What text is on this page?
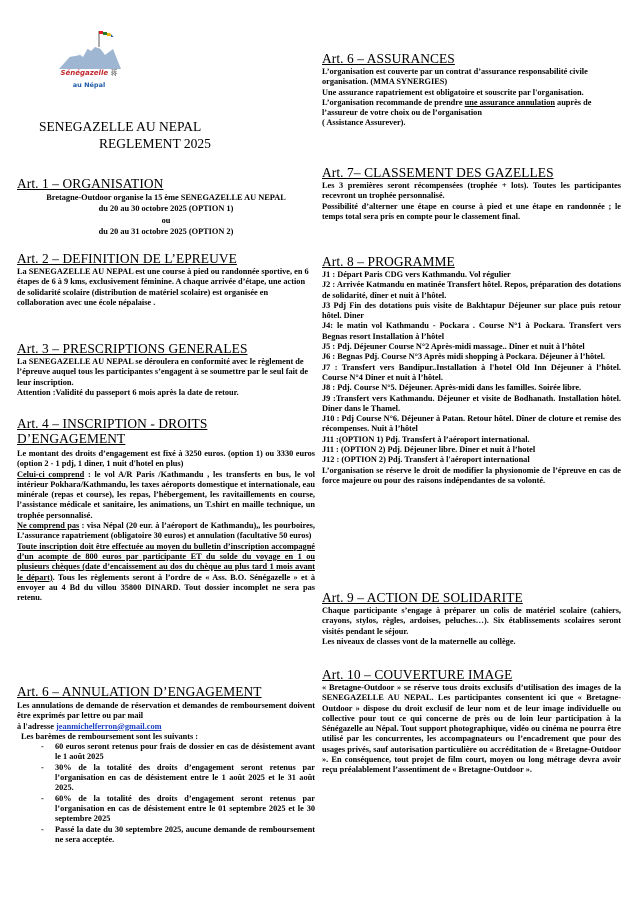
Sénégazelle 蒋
au Népal
SENEGAZELLE AU NEPAL
REGLEMENT 2025
Art. 1 – ORGANISATION
Bretagne-Outdoor organise la 15 ème SENEGAZELLE AU NEPAL
du 20 au 30 octobre 2025 (OPTION 1)
ou
du 20 au 31 octobre 2025 (OPTION 2)
Art. 2 – DEFINITION DE L’EPREUVE

La SENEGAZELLE AU NEPAL est une course à pied ou randonnée sportive, en 6 étapes de 6 à 9 kms, exclusivement féminine. A chaque arrivée d’étape, une action de solidarité scolaire (distribution de matériel scolaire) est organisée en collaboration avec une école népalaise .

Art. 3 – PRESCRIPTIONS GENERALES

La SENEGAZELLE AU NEPAL se déroulera en conformité avec le règlement de l’épreuve auquel tous les participantes s’engagent à se soumettre par le seul fait de leur inscription.

Attention :Validité du passeport 6 mois après la date de retour.

Art. 4 – INSCRIPTION - DROITS D’ENGAGEMENT

Le montant des droits d’engagement est fixé à 3250 euros. (option 1) ou 3330 euros (option 2 - 1 pdj, 1 diner, 1 nuit d'hotel en plus)

Celui-ci comprend : le vol A/R Paris /Kathmandu , les transferts en bus, le vol intérieur Pokhara/Kathmandu, les taxes aéroports domestique et internationale, eau minérale (repas et course), les repas, l’hébergement, les ravitaillements en course, l’assistance médicale et sanitaire, les animations, un T.shirt en maille technique, un trophée personnalisé.

Ne comprend pas : visa Népal (20 eur. à l’aéroport de Kathmandu),, les pourboires, L’assurance rapatriement (obligatoire 30 euros) et annulation (facultative 50 euros)

Toute inscription doit être effectuée au moyen du bulletin d’inscription accompagné d’un acompte de 800 euros par participante ET du solde du voyage en 1 ou plusieurs chèques (date d’encaissement au dos du chèque au plus tard 1 mois avant le départ). Tous les règlements seront à l’ordre de « Ass. B.O. Sénégazelle » et à envoyer au 4 Bd du villou 35800 DINARD. Tout dossier incomplet ne sera pas retenu.

Art. 6 – ANNULATION D’ENGAGEMENT

Les annulations de demande de réservation et demandes de remboursement doivent être exprimés par lettre ou par mail

à l'adresse jeanmichelferron@gmail.com

Les barèmes de remboursement sont les suivants :

- 60 euros seront retenus pour frais de dossier en cas de désistement avant le 1 août 2025
- 30% de la totalité des droits d’engagement seront retenus par l’organisation en cas de désistement entre le 1 août 2025 et le 31 août 2025.
- 60% de la totalité des droits d’engagement seront retenus par l’organisation en cas de désistement entre le 01 septembre 2025 et le 30 septembre 2025
- Passé la date du 30 septembre 2025, aucune demande de remboursement ne sera acceptée.
Art. 6 – ASSURANCES

L’organisation est couverte par un contrat d’assurance responsabilité civile organisation. (MMA SYNERGIES)

Une assurance rapatriement est obligatoire et souscrite par l'organisation.

L’organisation recommande de prendre une assurance annulation auprès de l’assureur de votre choix ou de l’organisation

( Assistance Assurever).

Art. 7– CLASSEMENT DES GAZELLES

Les 3 premières seront récompensées (trophée + lots). Toutes les participantes recevront un trophée personnalisé.

Possibilité d’alterner une étape en course à pied et une étape en randonnée ; le temps total sera pris en compte pour le classement final.

Art. 8 – PROGRAMME

J1 : Départ Paris CDG vers Kathmandu. Vol régulier

J2 : Arrivée Katmandu en matinée Transfert hôtel. Repos, préparation des dotations de solidarité, dîner et nuit à l’hôtel.

J3 Pdj Fin des dotations puis visite de Bakhtapur Déjeuner sur place puis retour hôtel. Diner

J4: le matin vol Kathmandu - Pockara . Course N°1 à Pockara. Transfert vers Begnas resort Installation à l’hôtel

J5 : Pdj. Déjeuner Course N°2 Après-midi massage.. Dîner et nuit à l’hôtel

J6 : Begnas Pdj. Course N°3 Après midi shopping à Pockara. Déjeuner à l’hôtel.

J7 : Transfert vers Bandipur..Installation à l'hotel Old Inn Déjeuner à l’hôtel. Course N°4 Diner et nuit à l’hôtel.

J8 : Pdj. Course N°5. Déjeuner. Après-midi dans les familles. Soirée libre.

J9 :Transfert vers Kathmandu. Déjeuner et visite de Bodhanath. Installation hôtel. Diner dans le Thamel.

J10 : Pdj Course N°6. Déjeuner à Patan. Retour hôtel. Dîner de cloture et remise des récompenses. Nuit à l’hôtel

J11 :(OPTION 1) Pdj. Transfert à l’aéroport international.

J11 : (OPTION 2) Pdj. Déjeuner libre. Diner et nuit à l’hotel

J12 : (OPTION 2) Pdj. Transfert à l'aéroport international

L’organisation se réserve le droit de modifier la physionomie de l’épreuve en cas de force majeure ou pour des raisons indépendantes de sa volonté.

Art. 9 – ACTION DE SOLIDARITE

Chaque participante s’engage à préparer un colis de matériel scolaire (cahiers, crayons, stylos, règles, ardoises, peluches…). Six établissements scolaires seront visités pendant le séjour.

Les niveaux de classes vont de la maternelle au collège.

Art. 10 – COUVERTURE IMAGE

« Bretagne-Outdoor » se réserve tous droits exclusifs d’utilisation des images de la SENEGAZELLE AU NEPAL. Les participantes consentent ici que « Bretagne-Outdoor » dispose du droit exclusif de leur nom et de leur image individuelle ou collective pour tout ce qui concerne de près ou de loin leur participation à la Sénégazelle au Népal. Tout support photographique, vidéo ou cinéma ne pourra être utilisé par les concurrentes, les accompagnateurs ou l’encadrement que pour des usages privés, sauf autorisation particulière ou accréditation de « Bretagne-Outdoor ». En conséquence, tout projet de film court, moyen ou long métrage devra avoir reçu préalablement l’assentiment de « Bretagne-Outdoor ».
